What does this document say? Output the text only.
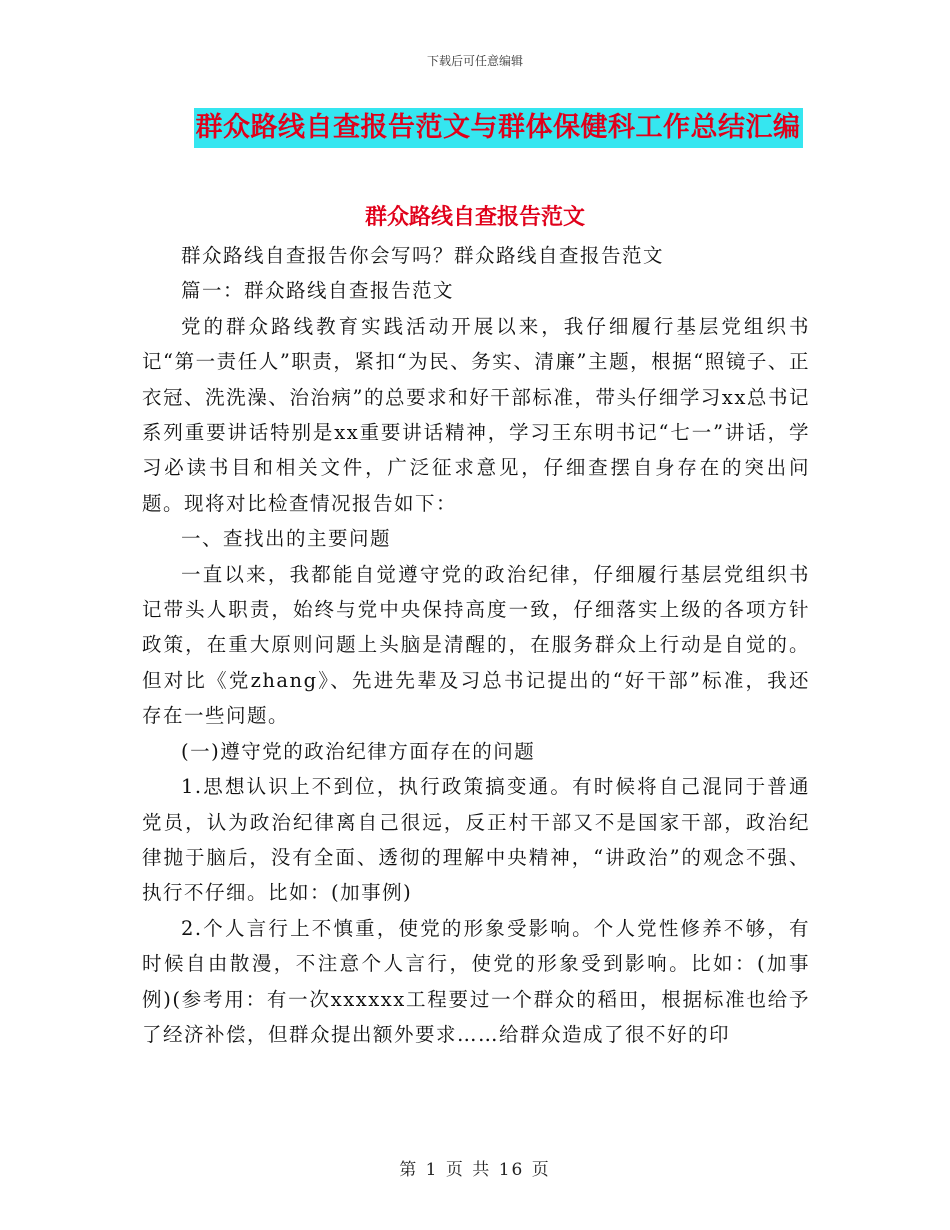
下载后可任意编辑
群众路线自查报告范文与群体保健科工作总结汇编
群众路线自查报告范文

群众路线自查报告你会写吗？群众路线自查报告范文

篇一：群众路线自查报告范文

党的群众路线教育实践活动开展以来，我仔细履行基层党组织书记“第一责任人”职责，紧扣“为民、务实、清廉”主题，根据“照镜子、正衣冠、洗洗澡、治治病”的总要求和好干部标准，带头仔细学习xx总书记系列重要讲话特别是xx重要讲话精神，学习王东明书记“七一”讲话，学习必读书目和相关文件，广泛征求意见，仔细查摆自身存在的突出问题。现将对比检查情况报告如下：

一、查找出的主要问题

一直以来，我都能自觉遵守党的政治纪律，仔细履行基层党组织书记带头人职责，始终与党中央保持高度一致，仔细落实上级的各项方针政策，在重大原则问题上头脑是清醒的，在服务群众上行动是自觉的。但对比《党zhang》、先进先辈及习总书记提出的“好干部”标准，我还存在一些问题。

(一)遵守党的政治纪律方面存在的问题

1.思想认识上不到位，执行政策搞变通。有时候将自己混同于普通党员，认为政治纪律离自己很远，反正村干部又不是国家干部，政治纪律抛于脑后，没有全面、透彻的理解中央精神，“讲政治”的观念不强、执行不仔细。比如：(加事例)

2.个人言行上不慎重，使党的形象受影响。个人党性修养不够，有时候自由散漫，不注意个人言行，使党的形象受到影响。比如：(加事例)(参考用：有一次xxxxxx工程要过一个群众的稻田，根据标准也给予了经济补偿，但群众提出额外要求……给群众造成了很不好的印

第 1 页 共 16 页
